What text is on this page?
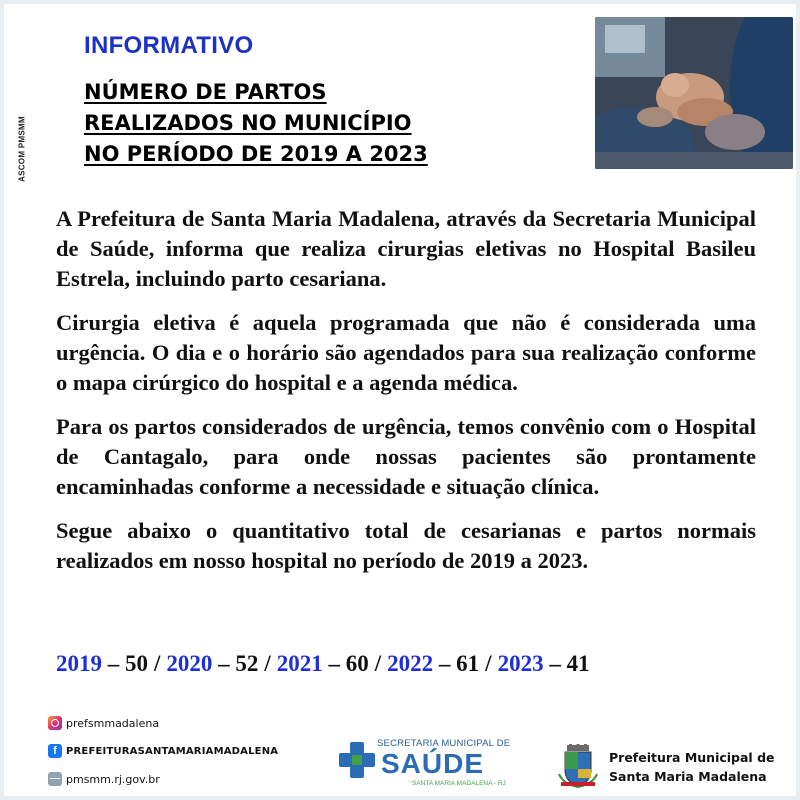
ASCOM PMSMM
INFORMATIVO
NÚMERO DE PARTOS
REALIZADOS NO MUNICÍPIO
NO PERÍODO DE 2019 A 2023

A Prefeitura de Santa Maria Madalena, através da Secretaria Municipal de Saúde, informa que realiza cirurgias eletivas no Hospital Basileu Estrela, incluindo parto cesariana.

Cirurgia eletiva é aquela programada que não é considerada uma urgência. O dia e o horário são agendados para sua realização conforme o mapa cirúrgico do hospital e a agenda médica.

Para os partos considerados de urgência, temos convênio com o Hospital de Cantagalo, para onde nossas pacientes são prontamente encaminhadas conforme a necessidade e situação clínica.

Segue abaixo o quantitativo total de cesarianas e partos normais realizados em nosso hospital no período de 2019 a 2023.

2019 – 50 / 2020 – 52 / 2021 – 60 / 2022 – 61 / 2023 – 41
prefsmmadalena
f PREFEITURASANTAMARIAMADALENA
pmsmm.rj.gov.br
SECRETARIA MUNICIPAL DE
SAÚDE
SANTA MARIA MADALENA - RJ
Prefeitura Municipal de
Santa Maria Madalena
